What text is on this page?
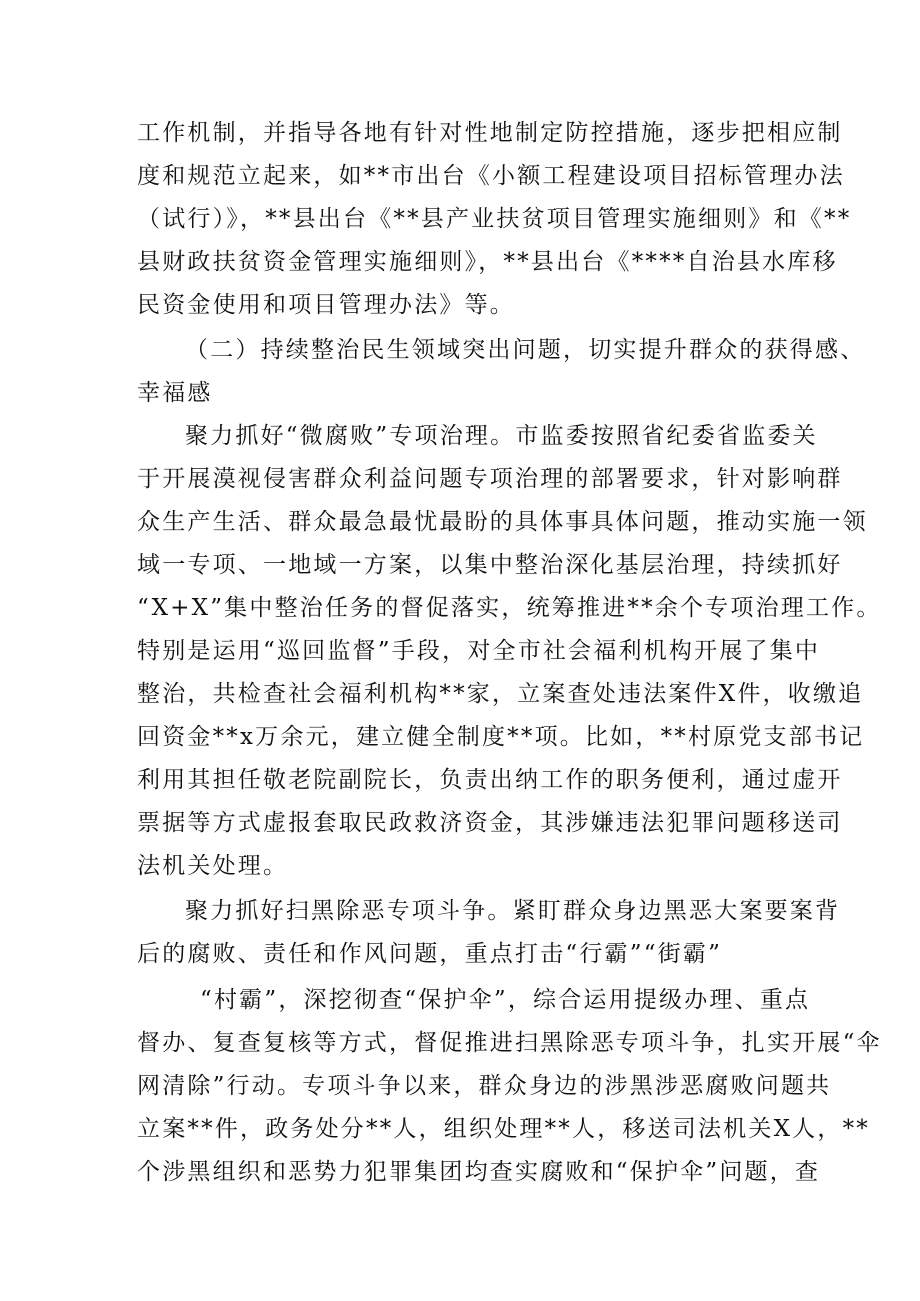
工作机制，并指导各地有针对性地制定防控措施，逐步把相应制
度和规范立起来，如**市出台《小额工程建设项目招标管理办法
（试行）》，**县出台《**县产业扶贫项目管理实施细则》和《**
县财政扶贫资金管理实施细则》，**县出台《****自治县水库移
民资金使用和项目管理办法》等。
（二）持续整治民生领域突出问题，切实提升群众的获得感、
幸福感
聚力抓好“微腐败”专项治理。市监委按照省纪委省监委关
于开展漠视侵害群众利益问题专项治理的部署要求，针对影响群
众生产生活、群众最急最忧最盼的具体事具体问题，推动实施一领
域一专项、一地域一方案，以集中整治深化基层治理，持续抓好
“X+X”集中整治任务的督促落实，统筹推进**余个专项治理工作。
特别是运用“巡回监督”手段，对全市社会福利机构开展了集中
整治，共检查社会福利机构**家，立案查处违法案件X件，收缴追
回资金**x万余元，建立健全制度**项。比如，**村原党支部书记
利用其担任敬老院副院长，负责出纳工作的职务便利，通过虚开
票据等方式虚报套取民政救济资金，其涉嫌违法犯罪问题移送司
法机关处理。
聚力抓好扫黑除恶专项斗争。紧盯群众身边黑恶大案要案背
后的腐败、责任和作风问题，重点打击“行霸”“街霸”
“村霸”，深挖彻查“保护伞”，综合运用提级办理、重点
督办、复查复核等方式，督促推进扫黑除恶专项斗争，扎实开展“伞
网清除”行动。专项斗争以来，群众身边的涉黑涉恶腐败问题共
立案**件，政务处分**人，组织处理**人，移送司法机关X人，**
个涉黑组织和恶势力犯罪集团均查实腐败和“保护伞”问题，查
